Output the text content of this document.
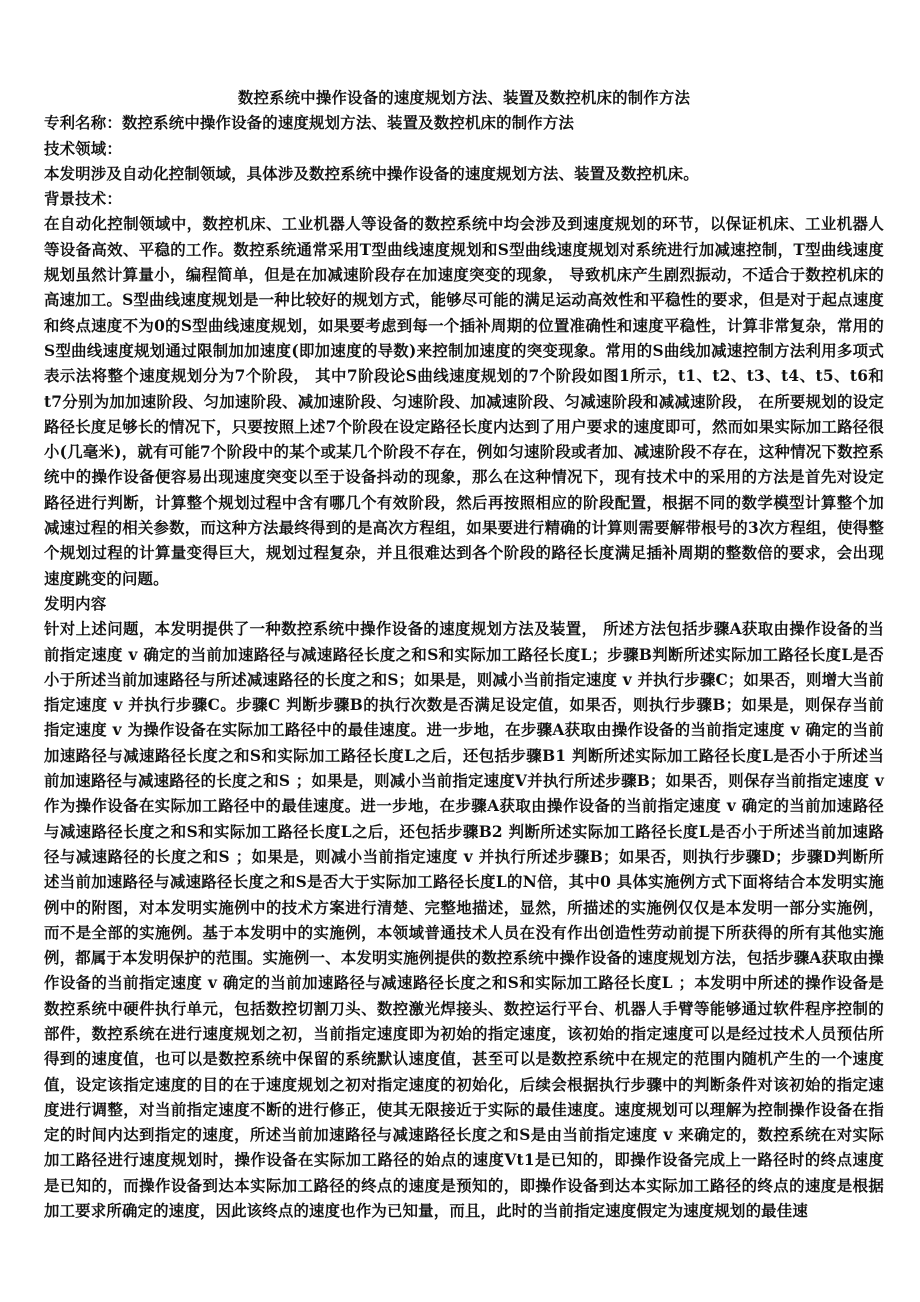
数控系统中操作设备的速度规划方法、装置及数控机床的制作方法

专利名称：数控系统中操作设备的速度规划方法、装置及数控机床的制作方法

技术领域：

本发明涉及自动化控制领域，具体涉及数控系统中操作设备的速度规划方法、装置及数控机床。

背景技术：

在自动化控制领域中，数控机床、工业机器人等设备的数控系统中均会涉及到速度规划的环节，以保证机床、工业机器人等设备高效、平稳的工作。数控系统通常采用T型曲线速度规划和S型曲线速度规划对系统进行加减速控制，T型曲线速度规划虽然计算量小，编程简单，但是在加减速阶段存在加速度突变的现象， 导致机床产生剧烈振动，不适合于数控机床的高速加工。S型曲线速度规划是一种比较好的规划方式，能够尽可能的满足运动高效性和平稳性的要求，但是对于起点速度和终点速度不为0的S型曲线速度规划，如果要考虑到每一个插补周期的位置准确性和速度平稳性，计算非常复杂，常用的S型曲线速度规划通过限制加加速度(即加速度的导数)来控制加速度的突变现象。常用的S曲线加减速控制方法利用多项式表示法将整个速度规划分为7个阶段， 其中7阶段论S曲线速度规划的7个阶段如图1所示，t1、t2、t3、t4、t5、t6和t7分别为加加速阶段、匀加速阶段、减加速阶段、匀速阶段、加减速阶段、匀减速阶段和减减速阶段， 在所要规划的设定路径长度足够长的情况下，只要按照上述7个阶段在设定路径长度内达到了用户要求的速度即可，然而如果实际加工路径很小(几毫米)，就有可能7个阶段中的某个或某几个阶段不存在，例如匀速阶段或者加、减速阶段不存在，这种情况下数控系统中的操作设备便容易出现速度突变以至于设备抖动的现象，那么在这种情况下，现有技术中的采用的方法是首先对设定路径进行判断，计算整个规划过程中含有哪几个有效阶段，然后再按照相应的阶段配置，根据不同的数学模型计算整个加减速过程的相关参数，而这种方法最终得到的是高次方程组，如果要进行精确的计算则需要解带根号的3次方程组，使得整个规划过程的计算量变得巨大，规划过程复杂，并且很难达到各个阶段的路径长度满足插补周期的整数倍的要求，会出现速度跳变的问题。

发明内容

针对上述问题，本发明提供了一种数控系统中操作设备的速度规划方法及装置， 所述方法包括步骤A获取由操作设备的当前指定速度 v 确定的当前加速路径与减速路径长度之和S和实际加工路径长度L；步骤B判断所述实际加工路径长度L是否小于所述当前加速路径与所述减速路径的长度之和S；如果是，则减小当前指定速度 v 并执行步骤C；如果否，则增大当前指定速度 v 并执行步骤C。步骤C 判断步骤B的执行次数是否满足设定值，如果否，则执行步骤B；如果是，则保存当前指定速度 v 为操作设备在实际加工路径中的最佳速度。进一步地，在步骤A获取由操作设备的当前指定速度 v 确定的当前加速路径与减速路径长度之和S和实际加工路径长度L之后，还包括步骤B1 判断所述实际加工路径长度L是否小于所述当前加速路径与减速路径的长度之和S ；如果是，则减小当前指定速度V并执行所述步骤B；如果否，则保存当前指定速度 v 作为操作设备在实际加工路径中的最佳速度。进一步地，在步骤A获取由操作设备的当前指定速度 v 确定的当前加速路径与减速路径长度之和S和实际加工路径长度L之后，还包括步骤B2 判断所述实际加工路径长度L是否小于所述当前加速路径与减速路径的长度之和S ；如果是，则减小当前指定速度 v 并执行所述步骤B；如果否，则执行步骤D；步骤D判断所述当前加速路径与减速路径长度之和S是否大于实际加工路径长度L的N倍，其中0 具体实施例方式下面将结合本发明实施例中的附图，对本发明实施例中的技术方案进行清楚、完整地描述，显然，所描述的实施例仅仅是本发明一部分实施例，而不是全部的实施例。基于本发明中的实施例，本领域普通技术人员在没有作出创造性劳动前提下所获得的所有其他实施例，都属于本发明保护的范围。实施例一、本发明实施例提供的数控系统中操作设备的速度规划方法，包括步骤A获取由操作设备的当前指定速度 v 确定的当前加速路径与减速路径长度之和S和实际加工路径长度L ；本发明中所述的操作设备是数控系统中硬件执行单元，包括数控切割刀头、数控激光焊接头、数控运行平台、机器人手臂等能够通过软件程序控制的部件，数控系统在进行速度规划之初，当前指定速度即为初始的指定速度，该初始的指定速度可以是经过技术人员预估所得到的速度值，也可以是数控系统中保留的系统默认速度值，甚至可以是数控系统中在规定的范围内随机产生的一个速度值，设定该指定速度的目的在于速度规划之初对指定速度的初始化，后续会根据执行步骤中的判断条件对该初始的指定速度进行调整，对当前指定速度不断的进行修正，使其无限接近于实际的最佳速度。速度规划可以理解为控制操作设备在指定的时间内达到指定的速度，所述当前加速路径与减速路径长度之和S是由当前指定速度 v 来确定的，数控系统在对实际加工路径进行速度规划时，操作设备在实际加工路径的始点的速度Vt1是已知的，即操作设备完成上一路径时的终点速度是已知的，而操作设备到达本实际加工路径的终点的速度是预知的，即操作设备到达本实际加工路径的终点的速度是根据加工要求所确定的速度，因此该终点的速度也作为已知量，而且，此时的当前指定速度假定为速度规划的最佳速
